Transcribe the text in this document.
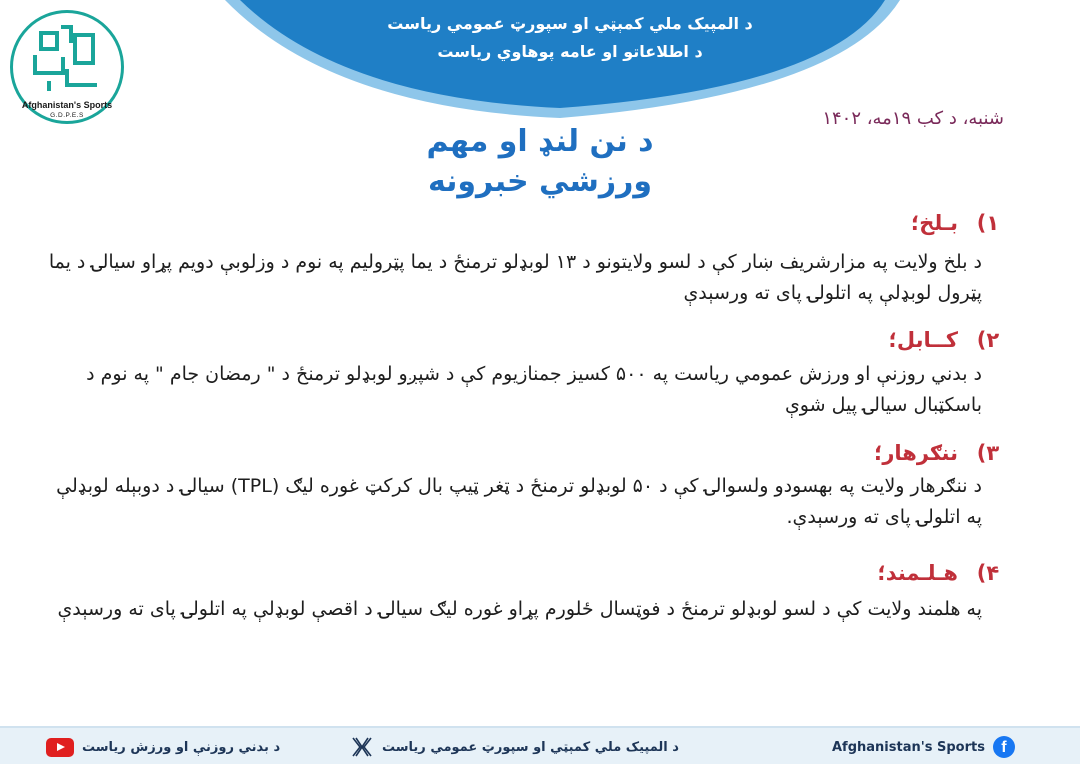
د المپیک ملي کمېټي او سپورټ عمومي رياست
د اطلاعاتو او عامه پوهاوي رياست
Afghanistan's Sports
G.D.P.E.S	شنبه، د کب ۱۹مه، ۱۴۰۲
د نن لنډ او مهم
ورزشي خبرونه
۱)
بـلخ؛
د بلخ ولايت په مزارشريف ښار کې د لسو ولايتونو د ۱۳ لوبډلو ترمنځ د يما پټروليم په نوم د وزلوبې دويم پړاو سيالۍ د يما پټرول لوبډلې په اتلولۍ پای ته ورسېدې
۲)
کــابل؛
د بدني روزنې او ورزش عمومي رياست په ۵۰۰ کسيز جمنازيوم کې د شپږو لوبډلو ترمنځ د " رمضان جام " په نوم د باسکټبال سيالۍ پيل شوې
۳)
ننګرهار؛
د ننګرهار ولايت په بهسودو ولسوالۍ کې د ۵۰ لوبډلو ترمنځ د ټغر ټيپ بال کرکټ غوره ليګ (TPL) سيالۍ د دوبېله لوبډلې په اتلولۍ پای ته ورسېدې.
۴)
هـلـمند؛
په هلمند ولايت کې د لسو لوبډلو ترمنځ د فوټسال ځلورم پړاو غوره ليګ سيالۍ د اقصې لوبډلې په اتلولۍ پای ته ورسېدې
د بدني روزنې او ورزش رياست	د المپیک ملي کمېټي او سپورټ عمومي رياست	Afghanistan's Sports	f
